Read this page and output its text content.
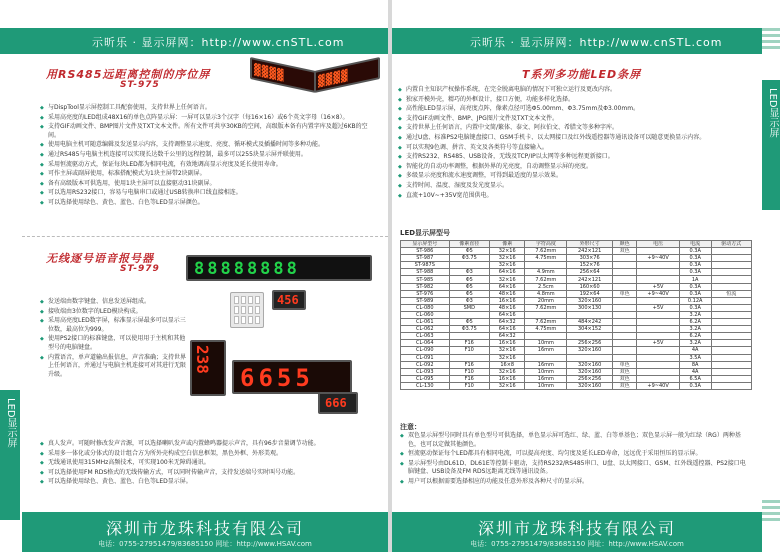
LED显示屏
示昕乐 · 显示屏网：http://www.cnSTL.com
用RS485远距离控制的序位屏
ST-975
▓▓▓▓	▓▓▓▓
◆ 与DispTool显示屏控制工具配套使用，支持世界上任何语言。
◆ 采用高亮度的LED组成48X16的单色点阵显示屏：一屏可以显示3个汉字（每16×16）或6个英文字母（16×8）。
◆ 支持GIF动画文件、BMP图片文件及TXT文本文件。所有文件可共享30KB的空间，高级版本备有内置字库及超过6KB的空间。
◆ 使用电脑主机可随意编辑及发送显示内容，支持调整显示速度、亮度、循环模式及插播时间等多种功能。
◆ 通过RS485与电脑主机连接可以实现长达数千公里的远程控制，最多可以255块显示屏并联使用。
◆ 采用恒流驱动方式，保证每块LED都为相同电流，有效地调高显示亮度及延长使用寿命。
◆ 可作主屏或副屏使用，标准搭配模式为1块主屏带2块副屏。
◆ 备有高级版本可供选用，使用1块主屏可以直接驱动31块副屏。
◆ 可以选用RS232接口，容易与电脑串口或通过USB转换串口线直接相连。
◆ 可以选择使用绿色、黄色、蓝色、白色等LED显示屏颜色。
无线逐号语音报号器
ST-979	88888888
456
238
6655
666
◆ 发送端由数字键盘、信息发送屏组成。
◆ 接收端由3位数字的LED模块构成。
◆ 采用高亮度LED数字屏，标准显示屏最多可以显示三位数，最高位为999。
◆ 使用PS2接口的标准键盘，可以使用用于主机和其他型号的电脑键盘。
◆ 内置语音，单声道输出报信息，声音准确；支持世界上任何语言，并通过与电脑主机连接可对其进行无限升级。
◆ 真人发声。可随时修改发声音源，可以选择喇叭发声或内置蜂鸣器提示声音，具有96步音量调节功能。
◆ 采用多一体化或分体式的设计组合方为所外壳构成空白信息框架，黑色外框、外形美观。
◆ 无线通讯使用315MHz高频技术，可实现100米无障碍通讯。
◆ 可以选择使用FM RDS格式的无线传输方式，可以同时传输声音，支持发送端号实时叫号功能。
◆ 可以选择使用绿色、黄色、蓝色、白色等LED显示屏。
深圳市龙珠科技有限公司
电话：0755-27951479/83685150 网址：http://www.HSAV.com
示昕乐 · 显示屏网：http://www.cnSTL.com
LED显示屏
T系列多功能LED条屏
◆ 内置自主知识产权操作系统，在完全脱离电脑的情况下可独立运行及更改内容。
◆ 独家开模外壳，精巧的外框设计，接口方便，功能多样化选择。
◆ 高性能LED显示屏，高亮度点阵，像素点径可选Φ5.00mm、Φ3.75mm及Φ3.00mm。
◆ 支持GIF动画文件、BMP、JPG图片文件及TXT文本文件。
◆ 支持世界上任何语言，内置中文简/繁体、泰文、阿拉伯文、希腊文等多种字库。
◆ 通过U盘、标准PS2电脑键盘接口、GSM手机卡、以太网接口及红外线遥控器等通讯设备可以随意更换显示内容。
◆ 可以实现9色调、拼音、英文及各类符号等直接输入。
◆ 支持RS232、RS485、USB设备，无线及TCP/IP以太网等多种远程更新接口。
◆ 智能化的自动功率调整，根据外界的光亮度，自动调整显示屏的亮度。
◆ 多级显示亮度和流水速度调整，可得到最适度的显示效果。
◆ 支持时间、温度、湿度及发光度显示。
◆ 直流+10V~+35V宽范围供电。
LED显示屏型号
显示屏型号	像素直径	像素	字符高度	外形尺寸	颜色	电压	电流	驱动方式
ST-986	Φ5	32×16	7.62mm	242×121	双色		0.3A	
ST-987	Φ3.75	32×16	4.75mm	303×76		+9~40V	0.3A	
ST-987S		32×16		152×76			0.3A	
ST-988	Φ3	64×16	4.9mm	256×64			0.3A	
ST-985	Φ5	32×16	7.62mm	242×121			1A	
ST-982	Φ5	64×16	2.5cm	160×60		+5V	0.3A	
ST-976	Φ5	48×16	4.8mm	192×64	单色	+9~40V	0.3A	恒流
ST-989	Φ3	16×16	20mm	320×160			0.12A	
CL-080	SMD	48×16	7.62mm	300×130		+5V	0.3A	
CL-060		64×16					3.2A	
CL-061	Φ5	64×32	7.62mm	484×242			6.2A	
CL-062	Φ3.75	64×16	4.75mm	304×152			3.2A	
CL-063		64×32					6.2A	
CL-064	F16	16×16	10mm	256×256		+5V	3.2A	
CL-090	F10	32×16	16mm	320×160			4A	
CL-091		32×16					3.5A	
CL-092	F16	16×8	16mm	320×160	单色		8A	
CL-093	F10	32×16	10mm	320×160	双色		4A	
CL-095	F16	16×16	16mm	256×256	双色		6.5A	
CL-130	F10	32×16	10mm	320×160	双色	+9~40V	0.3A	
注意：
◆ 双色显示屏型号同时具有单色型号可供选择，单色显示屏可选红、绿、蓝、白等单基色；双色显示屏一般为红绿（RG）两种基色，也可以定做其他颜色。
◆ 恒流驱动保证每个LED都具有相同电流，可以提高亮度、均匀度及延长LED寿命，远远优于采用恒压的显示屏。
◆ 显示屏型号由DL61D、DL61E等控制卡驱动，支持RS232/RS485串口、U盘、以太网接口、GSM、红外线遥控器、PS2接口电脑键盘、USB设备及FM RDS远距离无线等通讯设备。
◆ 用户可以根据需要选择相应的功能及任意外形及各种尺寸的显示屏。
深圳市龙珠科技有限公司
电话：0755-27951479/83685150 网址：http://www.HSAV.com
